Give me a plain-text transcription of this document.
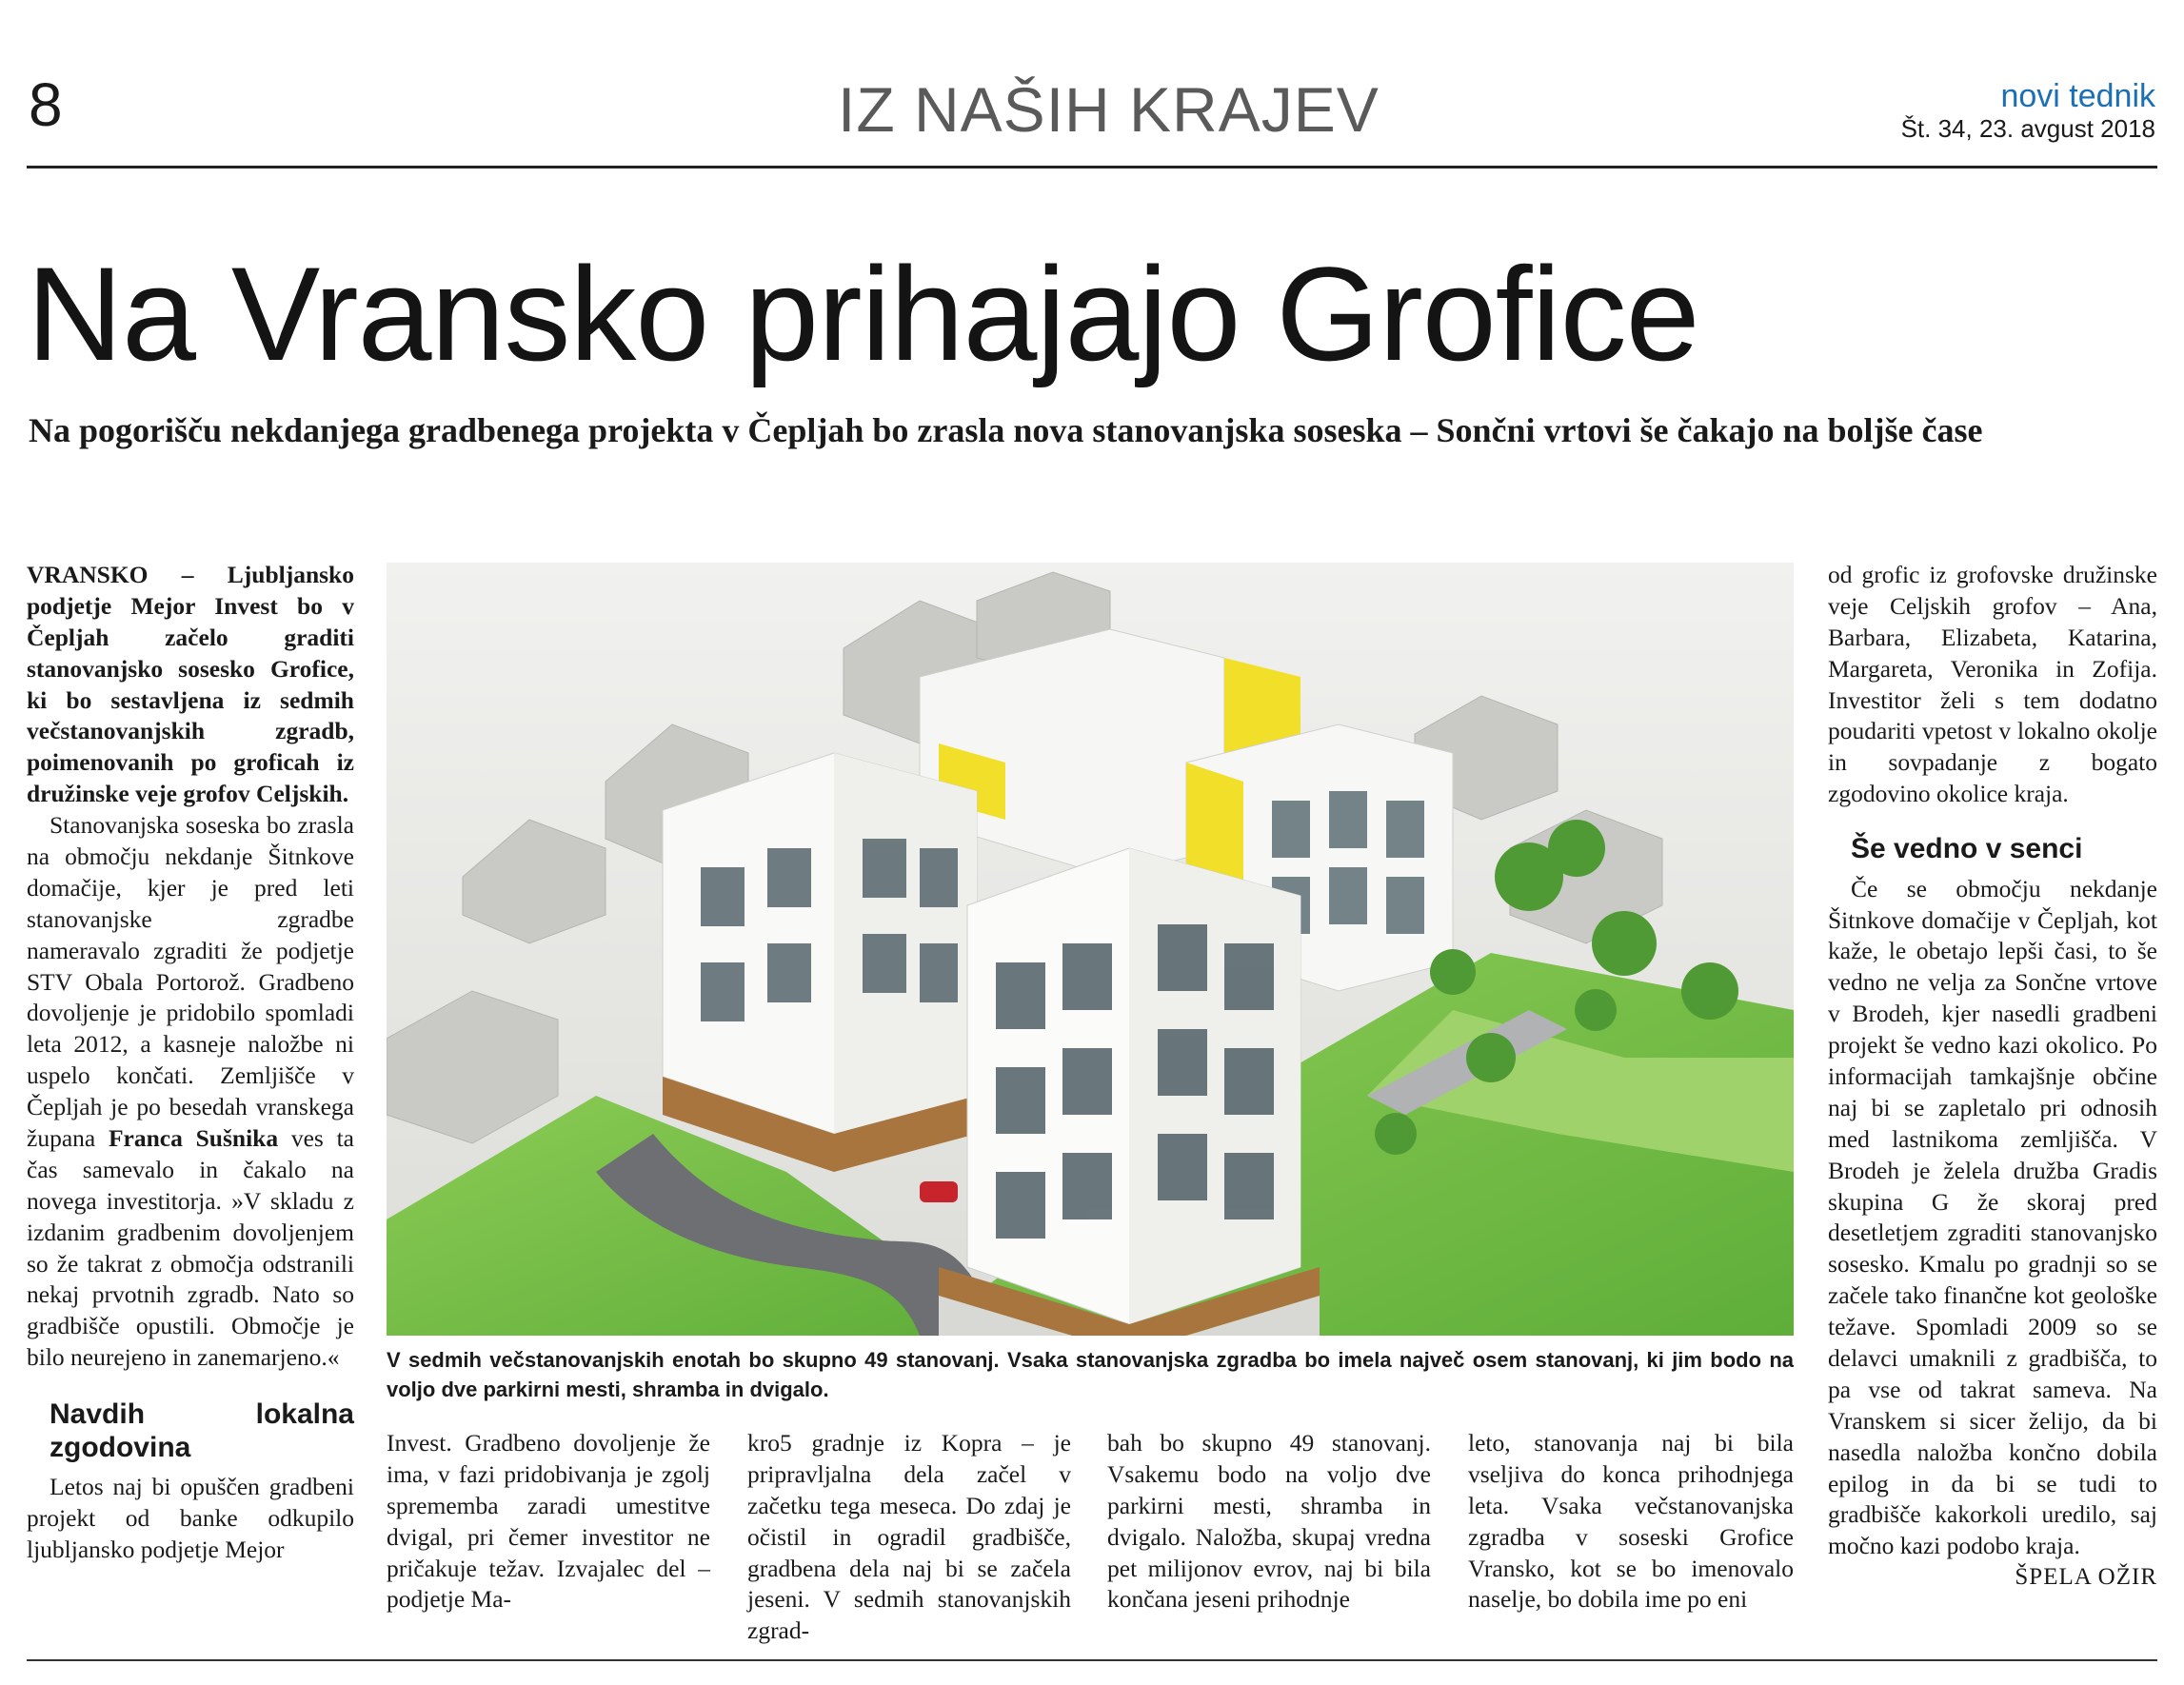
8	IZ NAŠIH KRAJEV	novi tednik
Št. 34, 23. avgust 2018
Na Vransko prihajajo Grofice
Na pogorišču nekdanjega gradbenega projekta v Čepljah bo zrasla nova stanovanjska soseska – Sončni vrtovi še čakajo na boljše čase

VRANSKO – Ljubljansko podjetje Mejor Invest bo v Čepljah začelo graditi stanovanjsko sosesko Grofice, ki bo sestavljena iz sedmih večstanovanjskih zgradb, poimenovanih po groficah iz družinske veje grofov Celjskih.

Stanovanjska soseska bo zrasla na območju nekdanje Šitnkove domačije, kjer je pred leti stanovanjske zgradbe nameravalo zgraditi že podjetje STV Obala Portorož. Gradbeno dovoljenje je pridobilo spomladi leta 2012, a kasneje naložbe ni uspelo končati. Zemljišče v Čepljah je po besedah vranskega župana Franca Sušnika ves ta čas samevalo in čakalo na novega investitorja. »V skladu z izdanim gradbenim dovoljenjem so že takrat z območja odstranili nekaj prvotnih zgradb. Nato so gradbišče opustili. Območje je bilo neurejeno in zanemarjeno.«

Navdih lokalna zgodovina

Letos naj bi opuščen gradbeni projekt od banke odkupilo ljubljansko podjetje Mejor

V sedmih večstanovanjskih enotah bo skupno 49 stanovanj. Vsaka stanovanjska zgradba bo imela največ osem stanovanj, ki jim bodo na voljo dve parkirni mesti, shramba in dvigalo.

Invest. Gradbeno dovoljenje že ima, v fazi pridobivanja je zgolj sprememba zaradi umestitve dvigal, pri čemer investitor ne pričakuje težav. Izvajalec del – podjetje Ma-

kro5 gradnje iz Kopra – je pripravljalna dela začel v začetku tega meseca. Do zdaj je očistil in ogradil gradbišče, gradbena dela naj bi se začela jeseni. V sedmih stanovanjskih zgrad-

bah bo skupno 49 stanovanj. Vsakemu bodo na voljo dve parkirni mesti, shramba in dvigalo. Naložba, skupaj vredna pet milijonov evrov, naj bi bila končana jeseni prihodnje

leto, stanovanja naj bi bila vseljiva do konca prihodnjega leta. Vsaka večstanovanjska zgradba v soseski Grofice Vransko, kot se bo imenovalo naselje, bo dobila ime po eni

od grofic iz grofovske družinske veje Celjskih grofov – Ana, Barbara, Elizabeta, Katarina, Margareta, Veronika in Zofija. Investitor želi s tem dodatno poudariti vpetost v lokalno okolje in sovpadanje z bogato zgodovino okolice kraja.

Še vedno v senci

Če se območju nekdanje Šitnkove domačije v Čepljah, kot kaže, le obetajo lepši časi, to še vedno ne velja za Sončne vrtove v Brodeh, kjer nasedli gradbeni projekt še vedno kazi okolico. Po informacijah tamkajšnje občine naj bi se zapletalo pri odnosih med lastnikoma zemljišča. V Brodeh je želela družba Gradis skupina G že skoraj pred desetletjem zgraditi stanovanjsko sosesko. Kmalu po gradnji so se začele tako finančne kot geološke težave. Spomladi 2009 so se delavci umaknili z gradbišča, to pa vse od takrat sameva. Na Vranskem si sicer želijo, da bi nasedla naložba končno dobila epilog in da bi se tudi to gradbišče kakorkoli uredilo, saj močno kazi podobo kraja.

ŠPELA OŽIR
